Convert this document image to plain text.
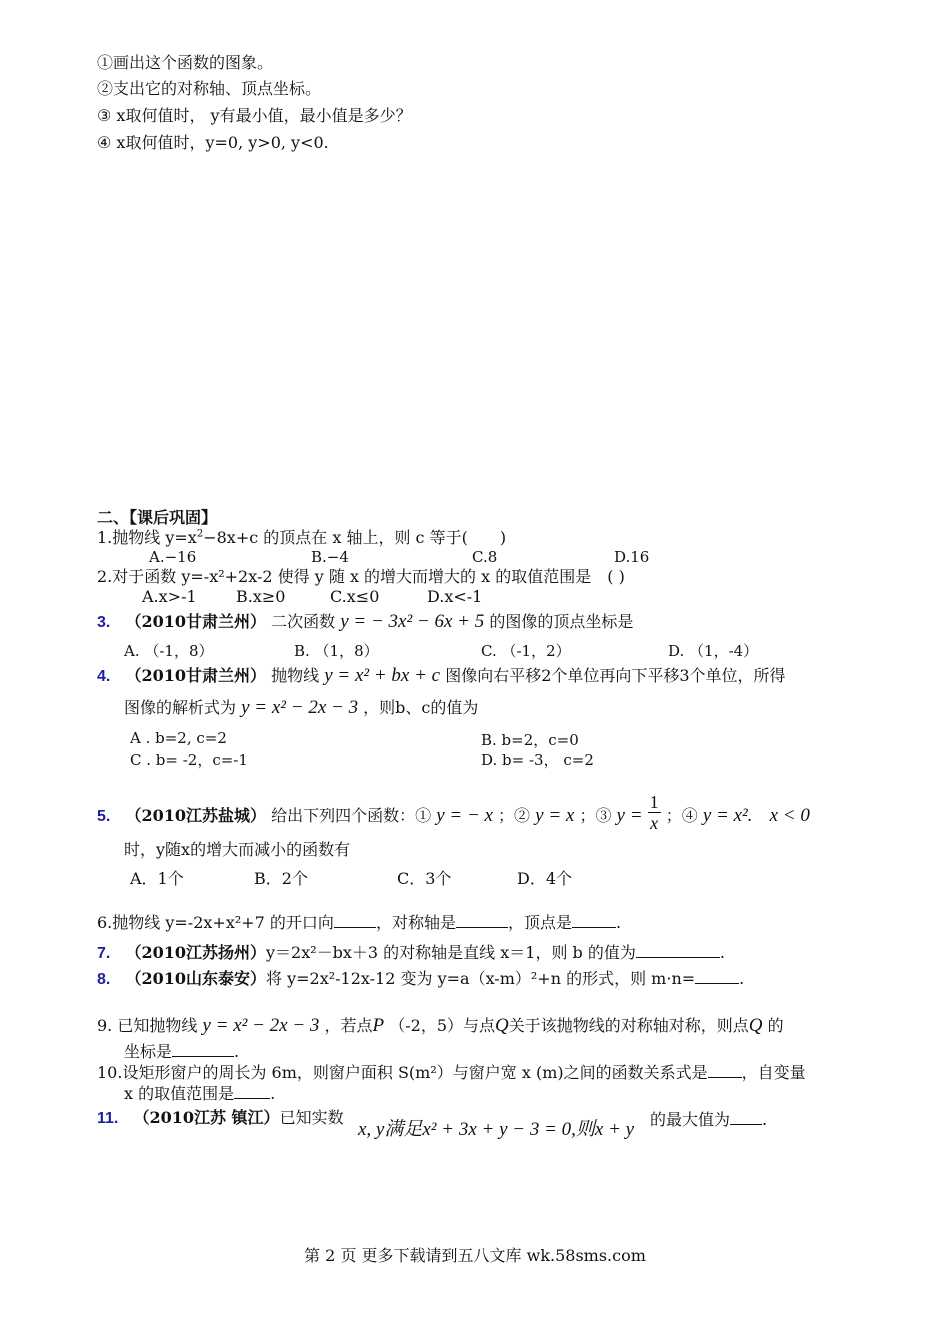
①画出这个函数的图象。
②支出它的对称轴、顶点坐标。
③ x取何值时， y有最小值，最小值是多少？
④ x取何值时，y=0, y>0, y<0.
二、【课后巩固】
1.抛物线 $y=x^2-8x+c$ 的顶点在 x 轴上，则 c 等于(　　)
A.−16	B.−4	C.8	D.16
2.对于函数 y=-x²+2x-2 使得 y 随 x 的增大而增大的 x 的取值范围是　( )
A.x>-1 B.x≥0	C.x≤0	D.x<-1
3. （2010甘肃兰州） 二次函数 y = − 3x² − 6x + 5 的图像的顶点坐标是
A. （-1，8）	B. （1，8）	C. （-1，2）	D. （1，-4）
4. （2010甘肃兰州） 抛物线 y = x² + bx + c 图像向右平移2个单位再向下平移3个单位，所得
图像的解析式为 y = x² − 2x − 3 ，则b、c的值为
A . b=2, c=2	B. b=2，c=0
C . b= -2，c=-1	D. b= -3， c=2
5. （2010江苏盐城） 给出下列四个函数：① y = − x ；② y = x ；③ $y = \frac{1}{x}$ ；④ y = x². x < 0
时，y随x的增大而减小的函数有
A．1个	B．2个	C．3个	D．4个
6.抛物线 y=-2x+x²+7 的开口向	，对称轴是	，顶点是	.
7. （2010江苏扬州）y＝2x²－bx＋3 的对称轴是直线 x＝1，则 b 的值为	.
8. （2010山东泰安）将 y=2x²-12x-12 变为 y=a（x-m）²+n 的形式，则 m·n=	.
9. 已知抛物线 y = x² − 2x − 3 ，若点P （-2，5）与点Q关于该抛物线的对称轴对称，则点Q 的
坐标是	.
10.设矩形窗户的周长为 6m，则窗户面积 S(m²）与窗户宽 x (m)之间的函数关系式是 ，自变量
x 的取值范围是 .
11. （2010江苏 镇江）已知实数
x, y满足x² + 3x + y − 3 = 0,则x + y 的最大值为 .
第 2 页 更多下载请到五八文库 wk.58sms.com
